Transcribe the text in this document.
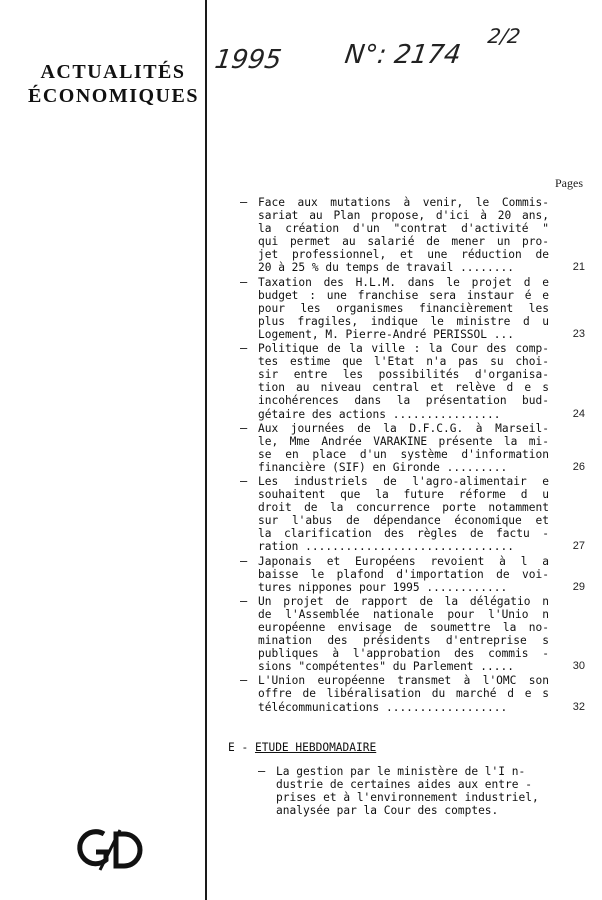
ACTUALITÉS
ÉCONOMIQUES
1995 N°: 2174
2/2
Pages
– Face aux mutations à venir, le Commis-
sariat au Plan propose, d'ici à 20 ans,
la création d'un "contrat d'activité "
qui permet au salarié de mener un pro-
jet professionnel, et une réduction de
20 à 25 % du temps de travail ........	21
– Taxation des H.L.M. dans le projet d e
budget : une franchise sera instaur é e
pour les organismes financièrement les
plus fragiles, indique le ministre d u
Logement, M. Pierre-André PERISSOL ...	23
– Politique de la ville : la Cour des comp-
tes estime que l'Etat n'a pas su choi-
sir entre les possibilités d'organisa-
tion au niveau central et relève d e s
incohérences dans la présentation bud-
gétaire des actions ................	24
– Aux journées de la D.F.C.G. à Marseil-
le, Mme Andrée VARAKINE présente la mi-
se en place d'un système d'information
financière (SIF) en Gironde .........	26
– Les industriels de l'agro-alimentair e
souhaitent que la future réforme d u
droit de la concurrence porte notamment
sur l'abus de dépendance économique et
la clarification des règles de factu -
ration ...............................	27
– Japonais et Européens revoient à l a
baisse le plafond d'importation de voi-
tures nippones pour 1995 ............	29
– Un projet de rapport de la délégatio n
de l'Assemblée nationale pour l'Unio n
européenne envisage de soumettre la no-
mination des présidents d'entreprise s
publiques à l'approbation des commis -
sions "compétentes" du Parlement .....	30
– L'Union européenne transmet à l'OMC son
offre de libéralisation du marché d e s
télécommunications ..................	32
E - ETUDE HEBDOMADAIRE
– La gestion par le ministère de l'I n-
dustrie de certaines aides aux entre -
prises et à l'environnement industriel,
analysée par la Cour des comptes.
